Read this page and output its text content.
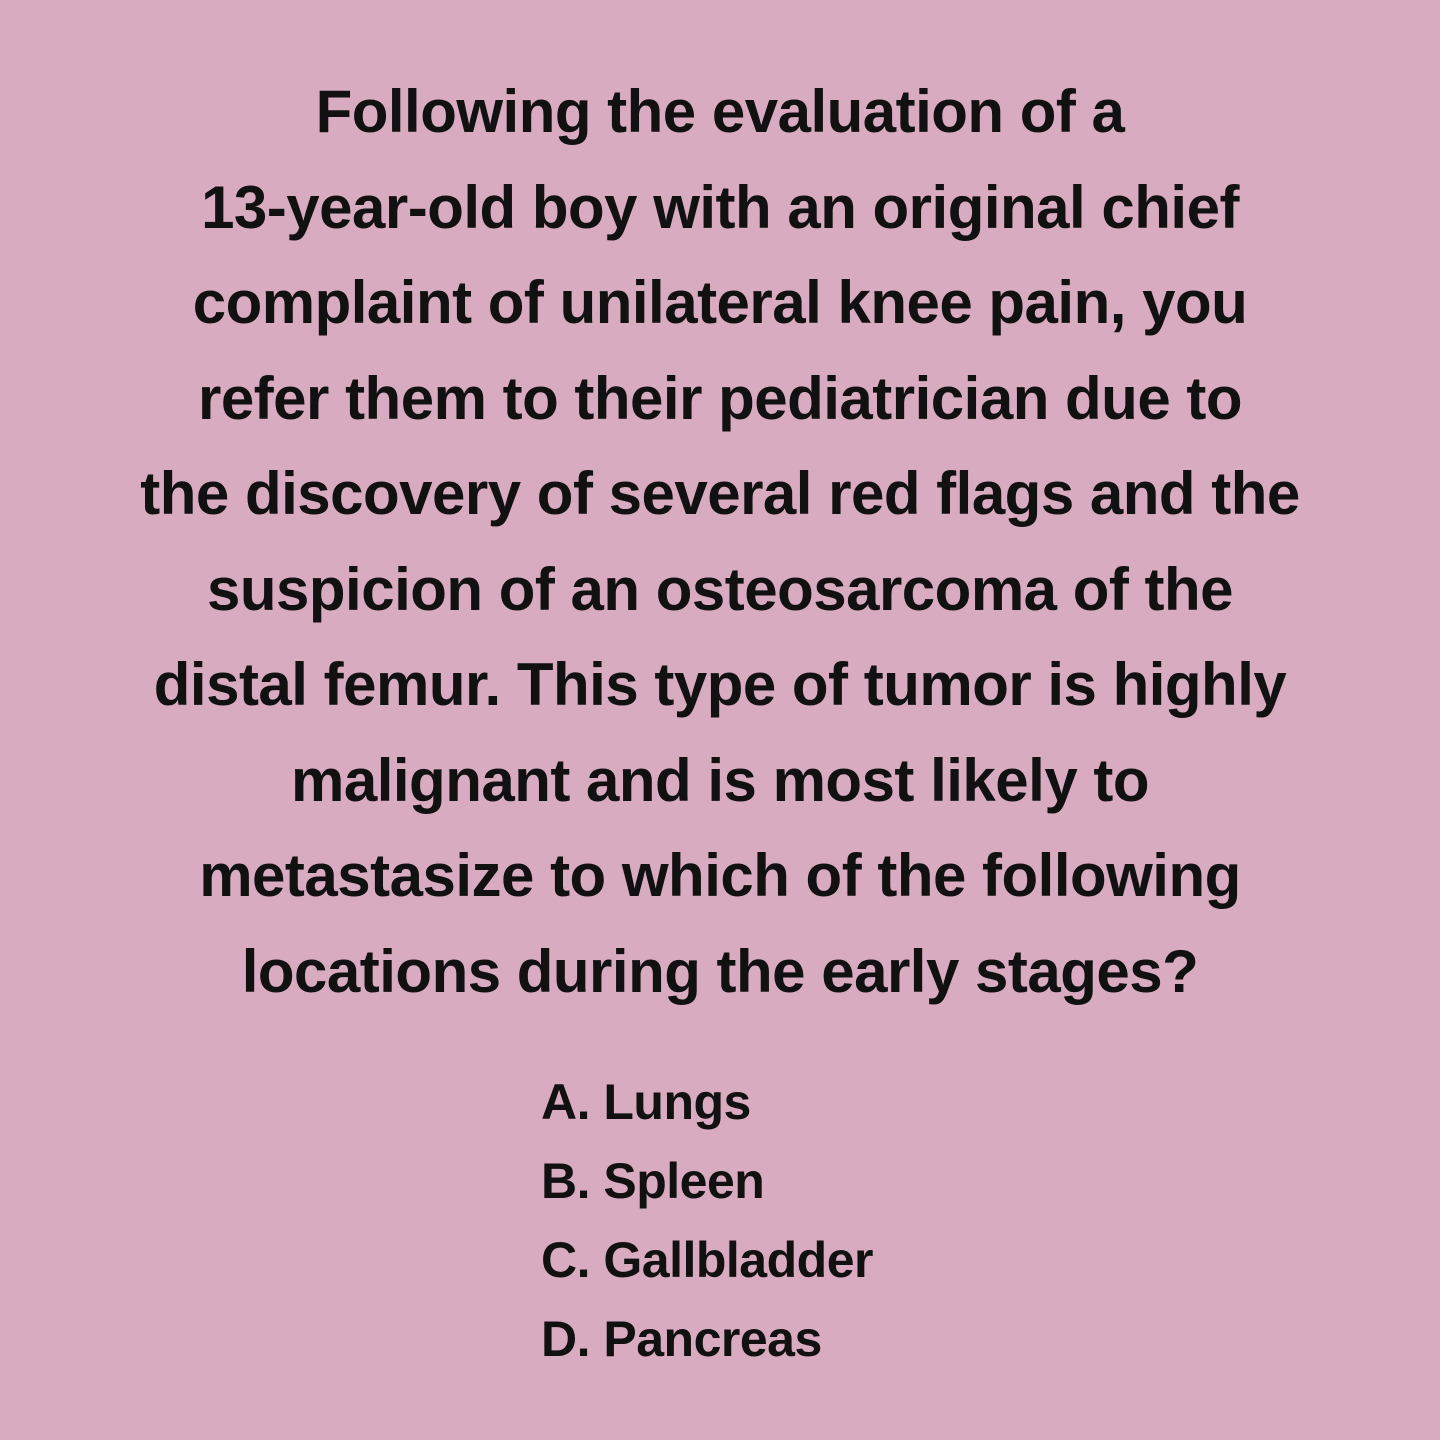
Following the evaluation of a
13-year-old boy with an original chief
complaint of unilateral knee pain, you
refer them to their pediatrician due to
the discovery of several red flags and the
suspicion of an osteosarcoma of the
distal femur. This type of tumor is highly
malignant and is most likely to
metastasize to which of the following
locations during the early stages?
A. Lungs
B. Spleen
C. Gallbladder
D. Pancreas
